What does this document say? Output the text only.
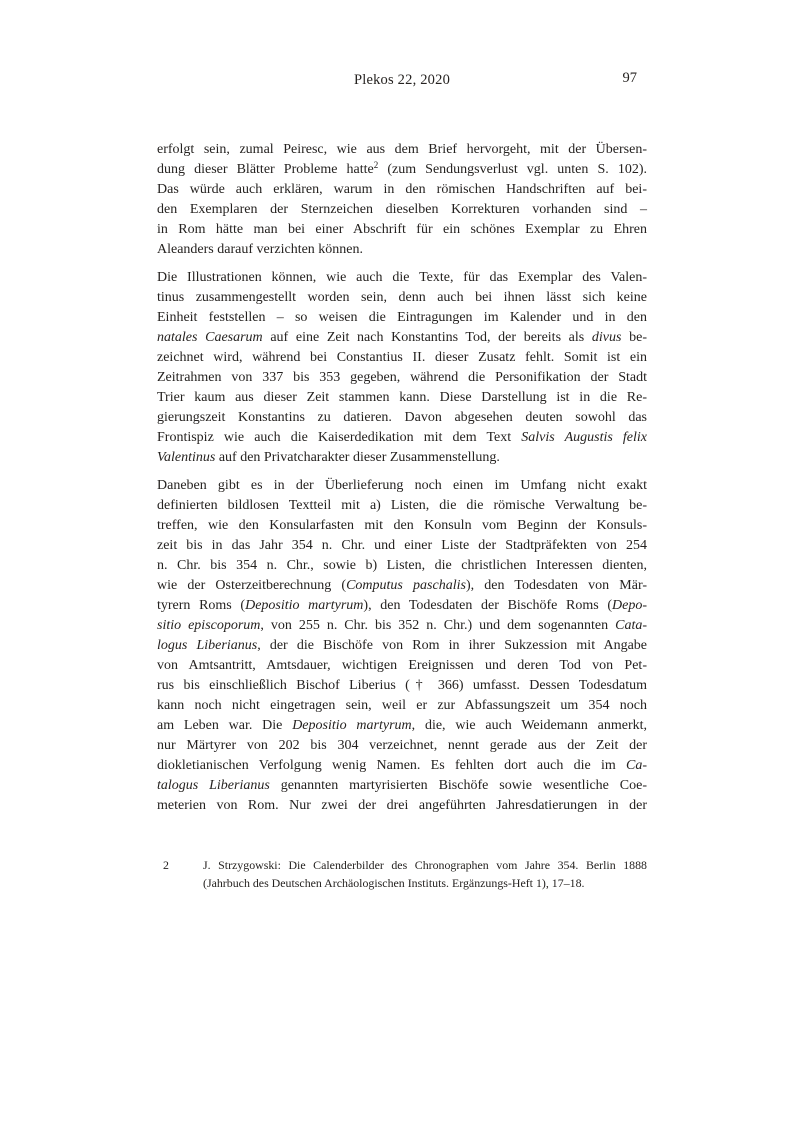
Plekos 22, 2020	97
erfolgt sein, zumal Peiresc, wie aus dem Brief hervorgeht, mit der Übersen-
dung dieser Blätter Probleme hatte$^2$ (zum Sendungsverlust vgl. unten S. 102).
Das würde auch erklären, warum in den römischen Handschriften auf bei-
den Exemplaren der Sternzeichen dieselben Korrekturen vorhanden sind –
in Rom hätte man bei einer Abschrift für ein schönes Exemplar zu Ehren
Aleanders darauf verzichten können.
Die Illustrationen können, wie auch die Texte, für das Exemplar des Valen-
tinus zusammengestellt worden sein, denn auch bei ihnen lässt sich keine
Einheit feststellen – so weisen die Eintragungen im Kalender und in den
natales Caesarum auf eine Zeit nach Konstantins Tod, der bereits als divus be-
zeichnet wird, während bei Constantius II. dieser Zusatz fehlt. Somit ist ein
Zeitrahmen von 337 bis 353 gegeben, während die Personifikation der Stadt
Trier kaum aus dieser Zeit stammen kann. Diese Darstellung ist in die Re-
gierungszeit Konstantins zu datieren. Davon abgesehen deuten sowohl das
Frontispiz wie auch die Kaiserdedikation mit dem Text Salvis Augustis felix
Valentinus auf den Privatcharakter dieser Zusammenstellung.
Daneben gibt es in der Überlieferung noch einen im Umfang nicht exakt
definierten bildlosen Textteil mit a) Listen, die die römische Verwaltung be-
treffen, wie den Konsularfasten mit den Konsuln vom Beginn der Konsuls-
zeit bis in das Jahr 354 n. Chr. und einer Liste der Stadtpräfekten von 254
n. Chr. bis 354 n. Chr., sowie b) Listen, die christlichen Interessen dienten,
wie der Osterzeitberechnung (Computus paschalis), den Todesdaten von Mär-
tyrern Roms (Depositio martyrum), den Todesdaten der Bischöfe Roms (Depo-
sitio episcoporum, von 255 n. Chr. bis 352 n. Chr.) und dem sogenannten Cata-
logus Liberianus, der die Bischöfe von Rom in ihrer Sukzession mit Angabe
von Amtsantritt, Amtsdauer, wichtigen Ereignissen und deren Tod von Pet-
rus bis einschließlich Bischof Liberius († 366) umfasst. Dessen Todesdatum
kann noch nicht eingetragen sein, weil er zur Abfassungszeit um 354 noch
am Leben war. Die Depositio martyrum, die, wie auch Weidemann anmerkt,
nur Märtyrer von 202 bis 304 verzeichnet, nennt gerade aus der Zeit der
diokletianischen Verfolgung wenig Namen. Es fehlten dort auch die im Ca-
talogus Liberianus genannten martyrisierten Bischöfe sowie wesentliche Coe-
meterien von Rom. Nur zwei der drei angeführten Jahresdatierungen in der
2	J. Strzygowski: Die Calenderbilder des Chronographen vom Jahre 354. Berlin 1888
(Jahrbuch des Deutschen Archäologischen Instituts. Ergänzungs-Heft 1), 17–18.
